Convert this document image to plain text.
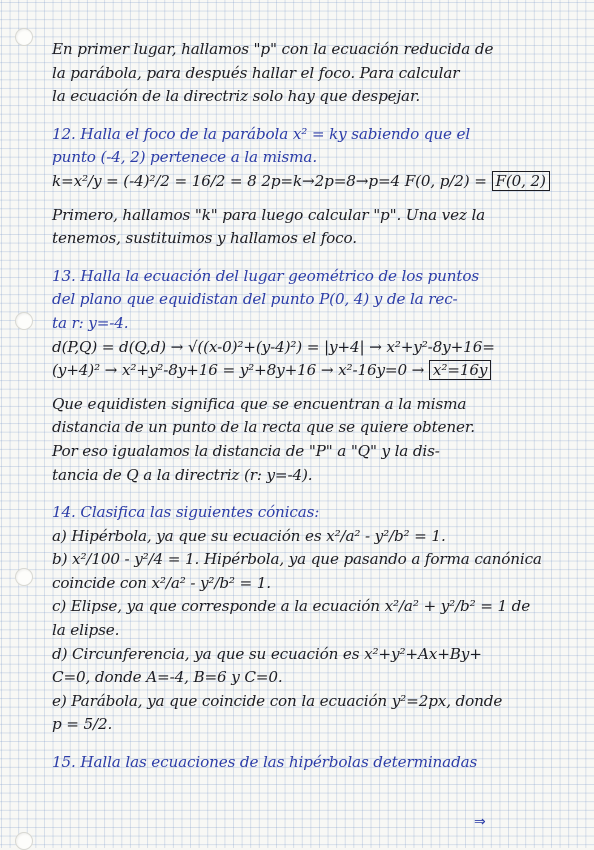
En primer lugar, hallamos "p" con la ecuación reducida de
la parábola, para después hallar el foco. Para calcular
la ecuación de la directriz solo hay que despejar.
12. Halla el foco de la parábola x² = ky sabiendo que el
punto (-4, 2) pertenece a la misma.
k=x²/y = (-4)²/2 = 16/2 = 8 2p=k→2p=8→p=4 F(0, p/2) = F(0, 2)
Primero, hallamos "k" para luego calcular "p". Una vez la
tenemos, sustituimos y hallamos el foco.
13. Halla la ecuación del lugar geométrico de los puntos
del plano que equidistan del punto P(0, 4) y de la rec-
ta r: y=-4.
d(P,Q) = d(Q,d) → √((x-0)²+(y-4)²) = |y+4| → x²+y²-8y+16=
(y+4)² → x²+y²-8y+16 = y²+8y+16 → x²-16y=0 → x²=16y
Que equidisten significa que se encuentran a la misma
distancia de un punto de la recta que se quiere obtener.
Por eso igualamos la distancia de "P" a "Q" y la dis-
tancia de Q a la directriz (r: y=-4).
14. Clasifica las siguientes cónicas:
a) Hipérbola, ya que su ecuación es x²/a² - y²/b² = 1.
b) x²/100 - y²/4 = 1. Hipérbola, ya que pasando a forma canónica
coincide con x²/a² - y²/b² = 1.
c) Elipse, ya que corresponde a la ecuación x²/a² + y²/b² = 1 de
la elipse.
d) Circunferencia, ya que su ecuación es x²+y²+Ax+By+
C=0, donde A=-4, B=6 y C=0.
e) Parábola, ya que coincide con la ecuación y²=2px, donde
p = 5/2.
15. Halla las ecuaciones de las hipérbolas determinadas
⇒
